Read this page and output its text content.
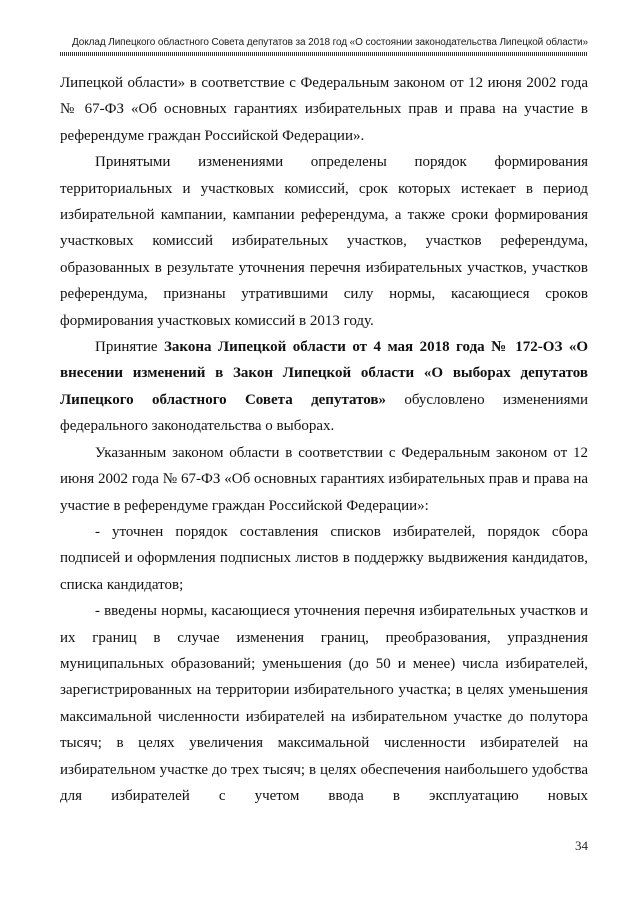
Доклад Липецкого областного Совета депутатов за 2018 год «О состоянии законодательства Липецкой области»

Липецкой области» в соответствие с Федеральным законом от 12 июня 2002 года № 67-ФЗ «Об основных гарантиях избирательных прав и права на участие в референдуме граждан Российской Федерации».

Принятыми изменениями определены порядок формирования территориальных и участковых комиссий, срок которых истекает в период избирательной кампании, кампании референдума, а также сроки формирования участковых комиссий избирательных участков, участков референдума, образованных в результате уточнения перечня избирательных участков, участков референдума, признаны утратившими силу нормы, касающиеся сроков формирования участковых комиссий в 2013 году.

Принятие Закона Липецкой области от 4 мая 2018 года № 172-ОЗ «О внесении изменений в Закон Липецкой области «О выборах депутатов Липецкого областного Совета депутатов» обусловлено изменениями федерального законодательства о выборах.

Указанным законом области в соответствии с Федеральным законом от 12 июня 2002 года № 67-ФЗ «Об основных гарантиях избирательных прав и права на участие в референдуме граждан Российской Федерации»:

- уточнен порядок составления списков избирателей, порядок сбора подписей и оформления подписных листов в поддержку выдвижения кандидатов, списка кандидатов;

- введены нормы, касающиеся уточнения перечня избирательных участков и их границ в случае изменения границ, преобразования, упразднения муниципальных образований; уменьшения (до 50 и менее) числа избирателей, зарегистрированных на территории избирательного участка; в целях уменьшения максимальной численности избирателей на избирательном участке до полутора тысяч; в целях увеличения максимальной численности избирателей на избирательном участке до трех тысяч; в целях обеспечения наибольшего удобства для избирателей с учетом ввода в эксплуатацию новых

34
